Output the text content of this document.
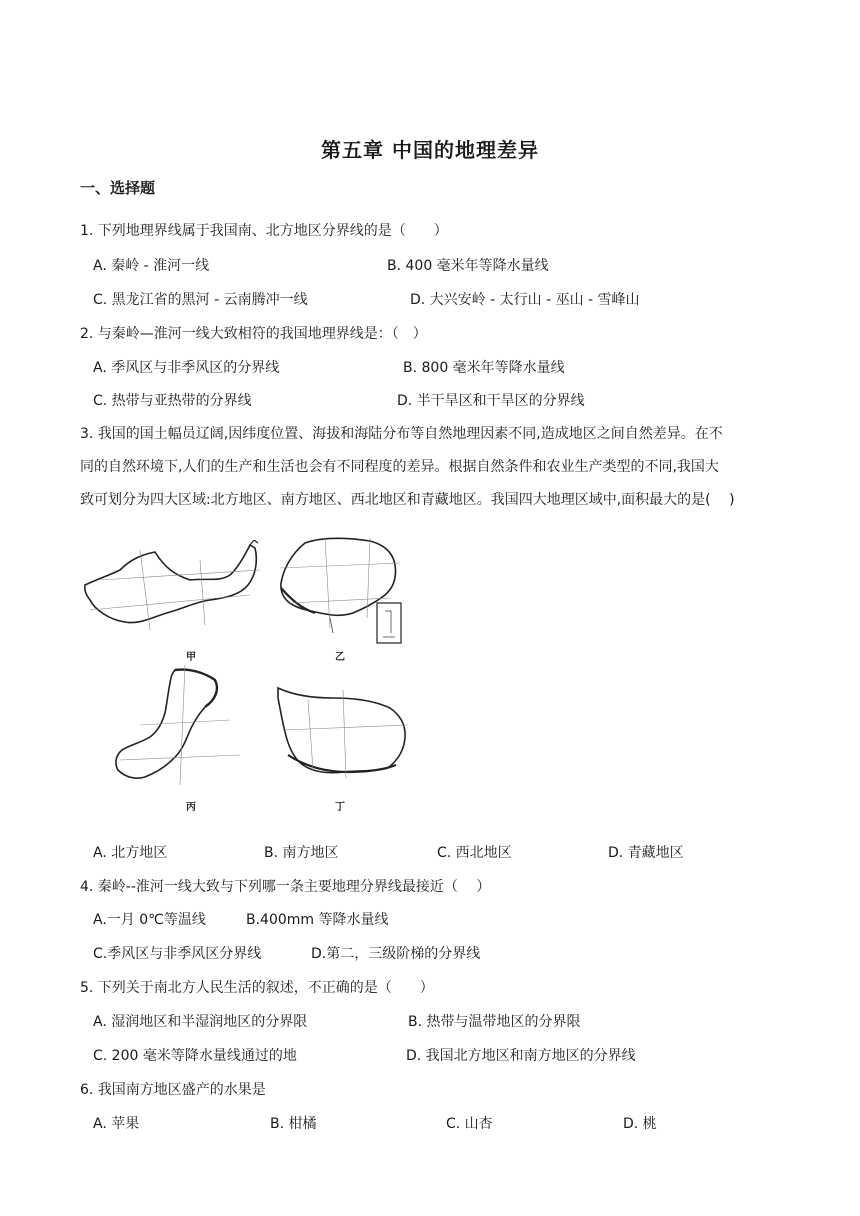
第五章 中国的地理差异
一、选择题
1. 下列地理界线属于我国南、北方地区分界线的是（　　）
A. 秦岭 - 淮河一线	B. 400 毫米年等降水量线
C. 黑龙江省的黑河 - 云南腾冲一线	D. 大兴安岭 - 太行山 - 巫山 - 雪峰山
2. 与秦岭—淮河一线大致相符的我国地理界线是：（　）
A. 季风区与非季风区的分界线	B. 800 毫米年等降水量线
C. 热带与亚热带的分界线	D. 半干旱区和干旱区的分界线
3. 我国的国土幅员辽阔,因纬度位置、海拔和海陆分布等自然地理因素不同,造成地区之间自然差异。在不
同的自然环境下,人们的生产和生活也会有不同程度的差异。根据自然条件和农业生产类型的不同,我国大
致可划分为四大区域:北方地区、南方地区、西北地区和青藏地区。我国四大地理区域中,面积最大的是(　 )
甲	乙
丙	丁
A. 北方地区	B. 南方地区	C. 西北地区	D. 青藏地区
4. 秦岭--淮河一线大致与下列哪一条主要地理分界线最接近（　 ）
A.一月 0℃等温线	B.400mm 等降水量线
C.季风区与非季风区分界线	D.第二，三级阶梯的分界线
5. 下列关于南北方人民生活的叙述，不正确的是（　　）
A. 湿润地区和半湿润地区的分界限	B. 热带与温带地区的分界限
C. 200 毫米等降水量线通过的地	D. 我国北方地区和南方地区的分界线
6. 我国南方地区盛产的水果是
A. 苹果	B. 柑橘	C. 山杏	D. 桃
